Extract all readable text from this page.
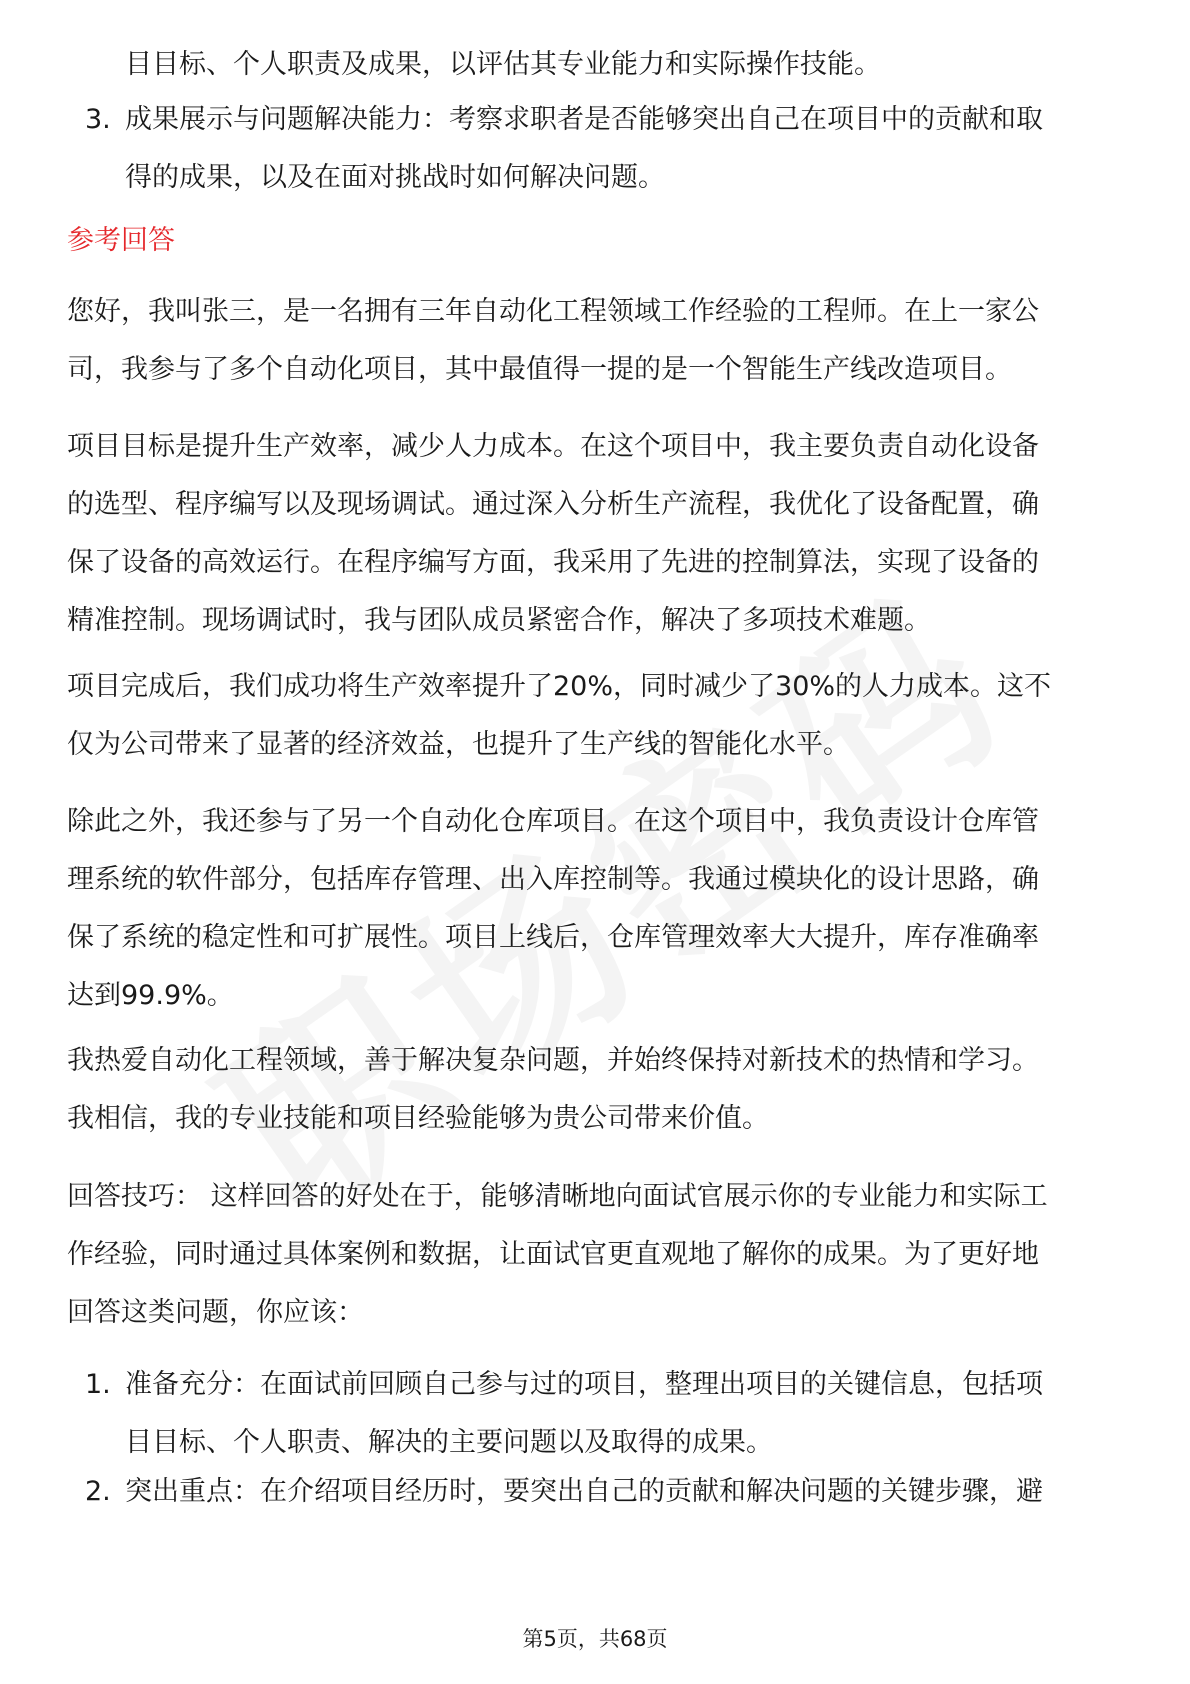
目目标、个人职责及成果，以评估其专业能力和实际操作技能。
3. 成果展示与问题解决能力：考察求职者是否能够突出自己在项目中的贡献和取
得的成果，以及在面对挑战时如何解决问题。
参考回答
您好，我叫张三，是一名拥有三年自动化工程领域工作经验的工程师。在上一家公
司，我参与了多个自动化项目，其中最值得一提的是一个智能生产线改造项目。
项目目标是提升生产效率，减少人力成本。在这个项目中，我主要负责自动化设备
的选型、程序编写以及现场调试。通过深入分析生产流程，我优化了设备配置，确
保了设备的高效运行。在程序编写方面，我采用了先进的控制算法，实现了设备的
精准控制。现场调试时，我与团队成员紧密合作，解决了多项技术难题。
项目完成后，我们成功将生产效率提升了20%，同时减少了30%的人力成本。这不
仅为公司带来了显著的经济效益，也提升了生产线的智能化水平。
除此之外，我还参与了另一个自动化仓库项目。在这个项目中，我负责设计仓库管
理系统的软件部分，包括库存管理、出入库控制等。我通过模块化的设计思路，确
保了系统的稳定性和可扩展性。项目上线后，仓库管理效率大大提升，库存准确率
达到99.9%。
我热爱自动化工程领域，善于解决复杂问题，并始终保持对新技术的热情和学习。
我相信，我的专业技能和项目经验能够为贵公司带来价值。
回答技巧： 这样回答的好处在于，能够清晰地向面试官展示你的专业能力和实际工
作经验，同时通过具体案例和数据，让面试官更直观地了解你的成果。为了更好地
回答这类问题，你应该：
1. 准备充分：在面试前回顾自己参与过的项目，整理出项目的关键信息，包括项
目目标、个人职责、解决的主要问题以及取得的成果。
2. 突出重点：在介绍项目经历时，要突出自己的贡献和解决问题的关键步骤，避
第5页，共68页
